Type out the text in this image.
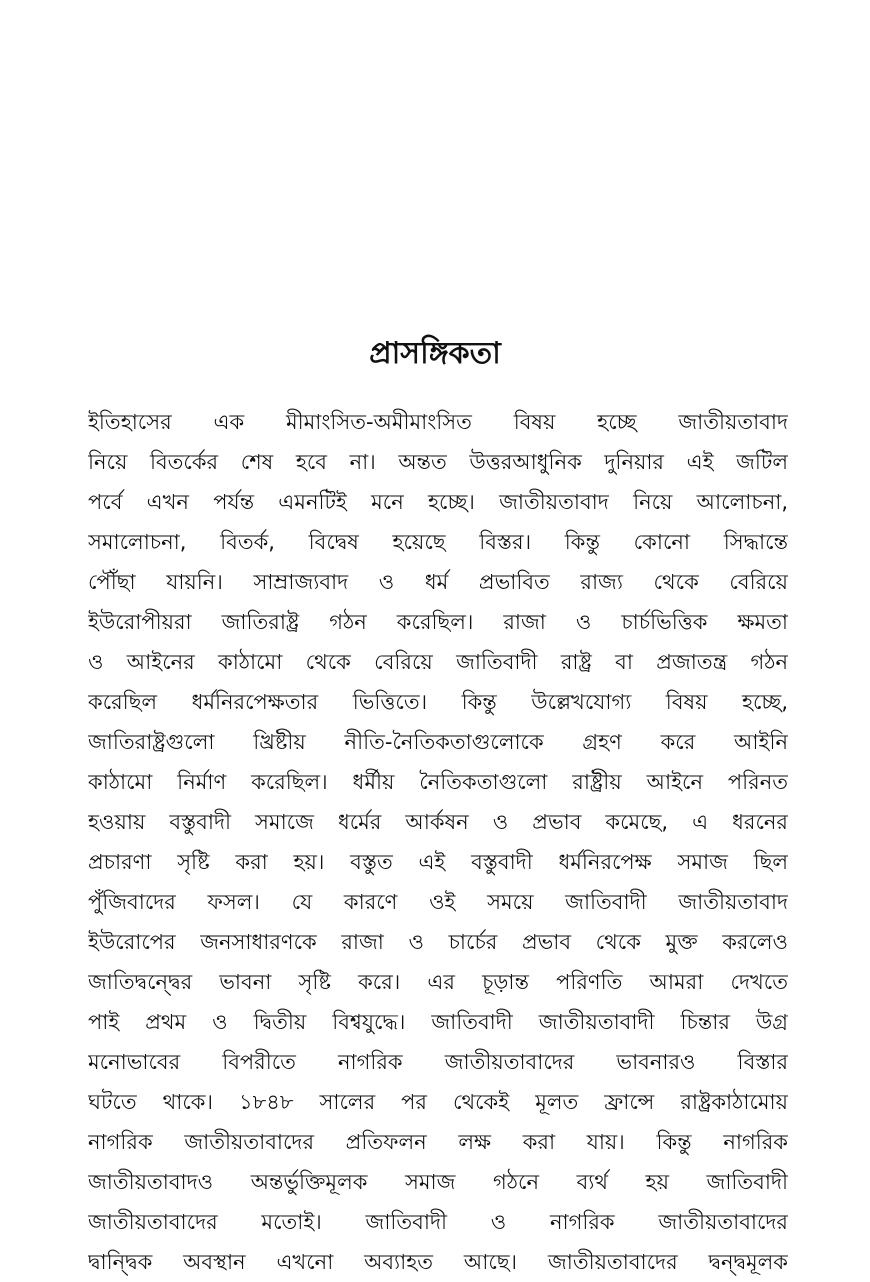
প্রাসঙ্গিকতা
ইতিহাসের এক মীমাংসিত-অমীমাংসিত বিষয় হচ্ছে জাতীয়তাবাদ
নিয়ে বিতর্কের শেষ হবে না। অন্তত উত্তরআধুনিক দুনিয়ার এই জটিল
পর্বে এখন পর্যন্ত এমনটিই মনে হচ্ছে। জাতীয়তাবাদ নিয়ে আলোচনা,
সমালোচনা, বিতর্ক, বিদ্বেষ হয়েছে বিস্তর। কিন্তু কোনো সিদ্ধান্তে
পৌঁছা যায়নি। সাম্রাজ্যবাদ ও ধর্ম প্রভাবিত রাজ্য থেকে বেরিয়ে
ইউরোপীয়রা জাতিরাষ্ট্র গঠন করেছিল। রাজা ও চার্চভিত্তিক ক্ষমতা
ও আইনের কাঠামো থেকে বেরিয়ে জাতিবাদী রাষ্ট্র বা প্রজাতন্ত্র গঠন
করেছিল ধর্মনিরপেক্ষতার ভিত্তিতে। কিন্তু উল্লেখযোগ্য বিষয় হচ্ছে,
জাতিরাষ্ট্রগুলো খ্রিষ্টীয় নীতি-নৈতিকতাগুলোকে গ্রহণ করে আইনি
কাঠামো নির্মাণ করেছিল। ধর্মীয় নৈতিকতাগুলো রাষ্ট্রীয় আইনে পরিনত
হওয়ায় বস্তুবাদী সমাজে ধর্মের আর্কষন ও প্রভাব কমেছে, এ ধরনের
প্রচারণা সৃষ্টি করা হয়। বস্তুত এই বস্তুবাদী ধর্মনিরপেক্ষ সমাজ ছিল
পুঁজিবাদের ফসল। যে কারণে ওই সময়ে জাতিবাদী জাতীয়তাবাদ
ইউরোপের জনসাধারণকে রাজা ও চার্চের প্রভাব থেকে মুক্ত করলেও
জাতিদ্বন্দ্বের ভাবনা সৃষ্টি করে। এর চূড়ান্ত পরিণতি আমরা দেখতে
পাই প্রথম ও দ্বিতীয় বিশ্বযুদ্ধে। জাতিবাদী জাতীয়তাবাদী চিন্তার উগ্র
মনোভাবের বিপরীতে নাগরিক জাতীয়তাবাদের ভাবনারও বিস্তার
ঘটতে থাকে। ১৮৪৮ সালের পর থেকেই মূলত ফ্রান্সে রাষ্ট্রকাঠামোয়
নাগরিক জাতীয়তাবাদের প্রতিফলন লক্ষ করা যায়। কিন্তু নাগরিক
জাতীয়তাবাদও অন্তর্ভুক্তিমূলক সমাজ গঠনে ব্যর্থ হয় জাতিবাদী
জাতীয়তাবাদের মতোই। জাতিবাদী ও নাগরিক জাতীয়তাবাদের
দ্বান্দ্বিক অবস্থান এখনো অব্যাহত আছে। জাতীয়তাবাদের দ্বন্দ্বমূলক
